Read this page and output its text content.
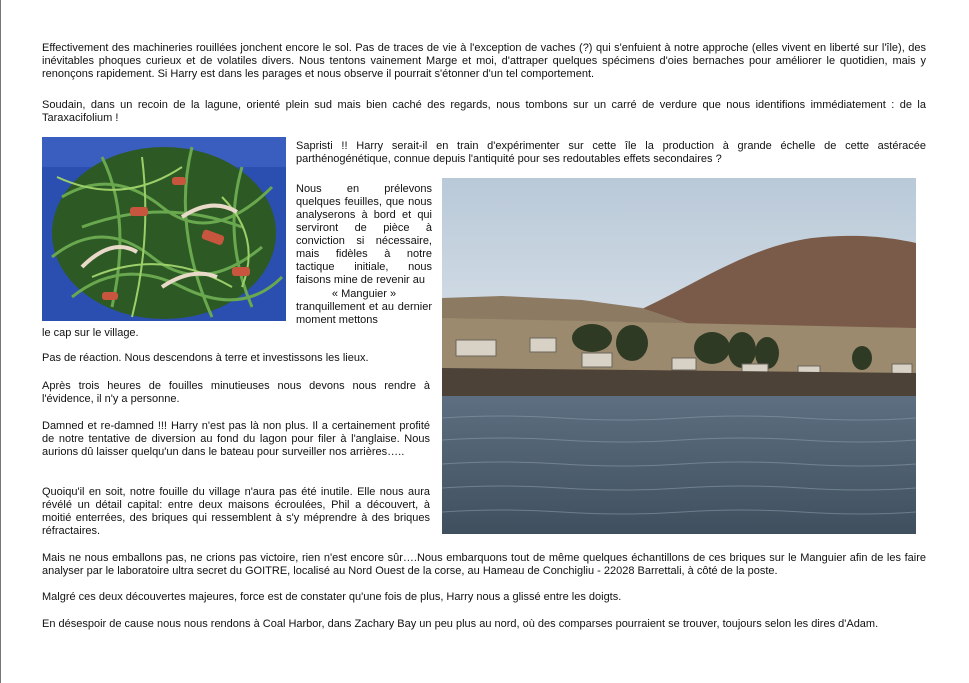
Effectivement des machineries rouillées jonchent encore le sol. Pas de traces de vie à l'exception de vaches (?) qui s'enfuient à notre approche (elles vivent en liberté sur l'île), des inévitables phoques curieux et de volatiles divers. Nous tentons vainement Marge et moi, d'attraper quelques spécimens d'oies bernaches pour améliorer le quotidien, mais y renonçons rapidement. Si Harry est dans les parages et nous observe il pourrait s'étonner d'un tel comportement.

Soudain, dans un recoin de la lagune, orienté plein sud mais bien caché des regards, nous tombons sur un carré de verdure que nous identifions immédiatement : de la Taraxacifolium !

Sapristi !! Harry serait-il en train d'expérimenter sur cette île la production à grande échelle de cette astéracée parthénogénétique, connue depuis l'antiquité pour ses redoutables effets secondaires ?

Nous en prélevons quelques feuilles, que nous analyserons à bord et qui serviront de pièce à conviction si nécessaire, mais fidèles à notre tactique initiale, nous faisons mine de revenir au

« Manguier »

tranquillement et au dernier moment mettons

le cap sur le village.

Pas de réaction. Nous descendons à terre et investissons les lieux.

Après trois heures de fouilles minutieuses nous devons nous rendre à l'évidence, il n'y a personne.

Damned et re-damned !!! Harry n'est pas là non plus. Il a certainement profité de notre tentative de diversion au fond du lagon pour filer à l'anglaise. Nous aurions dû laisser quelqu'un dans le bateau pour surveiller nos arrières…..

Quoiqu'il en soit, notre fouille du village n'aura pas été inutile. Elle nous aura révélé un détail capital: entre deux maisons écroulées, Phil a découvert, à moitié enterrées, des briques qui ressemblent à s'y méprendre à des briques réfractaires.

Mais ne nous emballons pas, ne crions pas victoire, rien n'est encore sûr….Nous embarquons tout de même quelques échantillons de ces briques sur le Manguier afin de les faire analyser par le laboratoire ultra secret du GOITRE, localisé au Nord Ouest de la corse, au Hameau de Conchigliu - 22028 Barrettali, à côté de la poste.

Malgré ces deux découvertes majeures, force est de constater qu'une fois de plus, Harry nous a glissé entre les doigts.

En désespoir de cause nous nous rendons à Coal Harbor, dans Zachary Bay un peu plus au nord, où des comparses pourraient se trouver, toujours selon les dires d'Adam.
